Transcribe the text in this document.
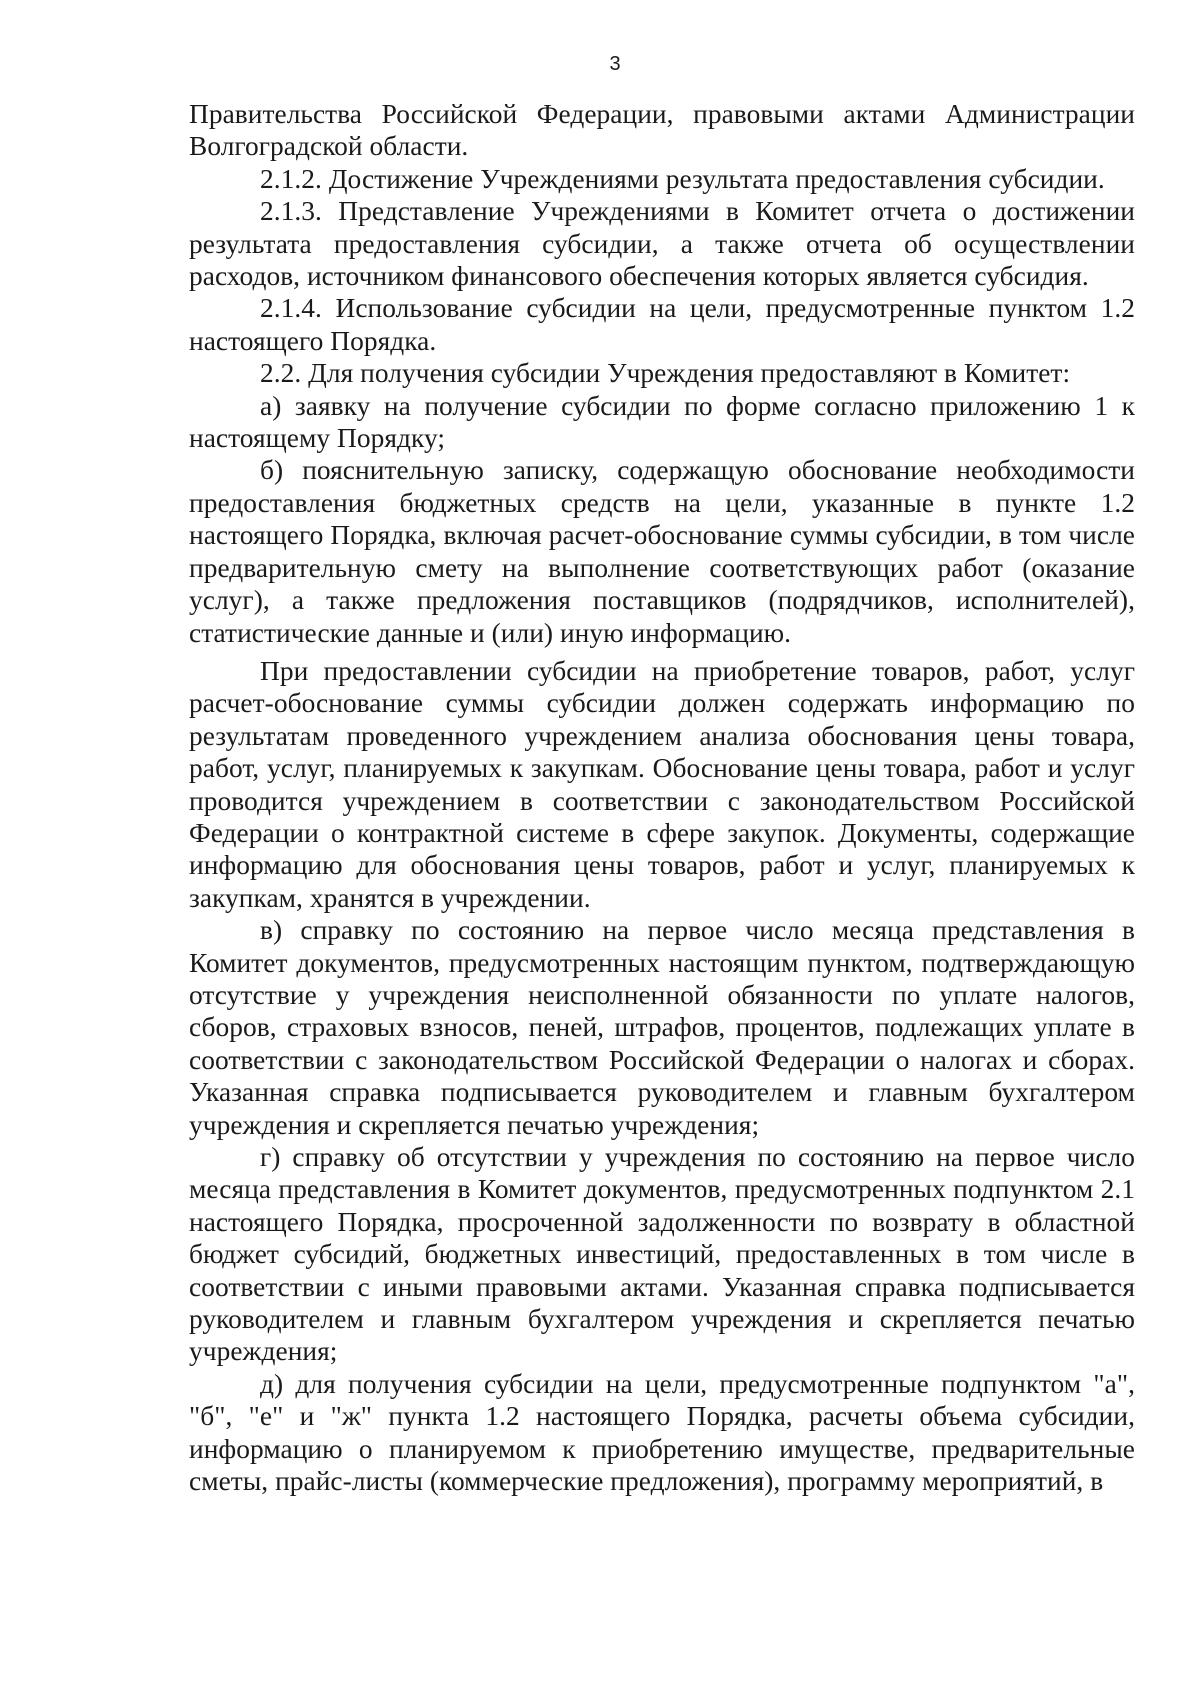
3

Правительства Российской Федерации, правовыми актами Администрации Волгоградской области.

2.1.2. Достижение Учреждениями результата предоставления субсидии.

2.1.3. Представление Учреждениями в Комитет отчета о достижении результата предоставления субсидии, а также отчета об осуществлении расходов, источником финансового обеспечения которых является субсидия.

2.1.4. Использование субсидии на цели, предусмотренные пунктом 1.2 настоящего Порядка.

2.2. Для получения субсидии Учреждения предоставляют в Комитет:

а) заявку на получение субсидии по форме согласно приложению 1 к настоящему Порядку;

б) пояснительную записку, содержащую обоснование необходимости предоставления бюджетных средств на цели, указанные в пункте 1.2 настоящего Порядка, включая расчет-обоснование суммы субсидии, в том числе предварительную смету на выполнение соответствующих работ (оказание услуг), а также предложения поставщиков (подрядчиков, исполнителей), статистические данные и (или) иную информацию.

При предоставлении субсидии на приобретение товаров, работ, услуг расчет-обоснование суммы субсидии должен содержать информацию по результатам проведенного учреждением анализа обоснования цены товара, работ, услуг, планируемых к закупкам. Обоснование цены товара, работ и услуг проводится учреждением в соответствии с законодательством Российской Федерации о контрактной системе в сфере закупок. Документы, содержащие информацию для обоснования цены товаров, работ и услуг, планируемых к закупкам, хранятся в учреждении.

в) справку по состоянию на первое число месяца представления в Комитет документов, предусмотренных настоящим пунктом, подтверждающую отсутствие у учреждения неисполненной обязанности по уплате налогов, сборов, страховых взносов, пеней, штрафов, процентов, подлежащих уплате в соответствии с законодательством Российской Федерации о налогах и сборах. Указанная справка подписывается руководителем и главным бухгалтером учреждения и скрепляется печатью учреждения;

г) справку об отсутствии у учреждения по состоянию на первое число месяца представления в Комитет документов, предусмотренных подпунктом 2.1 настоящего Порядка, просроченной задолженности по возврату в областной бюджет субсидий, бюджетных инвестиций, предоставленных в том числе в соответствии с иными правовыми актами. Указанная справка подписывается руководителем и главным бухгалтером учреждения и скрепляется печатью учреждения;

д) для получения субсидии на цели, предусмотренные подпунктом "а", "б", "е" и "ж" пункта 1.2 настоящего Порядка, расчеты объема субсидии, информацию о планируемом к приобретению имуществе, предварительные сметы, прайс-листы (коммерческие предложения), программу мероприятий, в
